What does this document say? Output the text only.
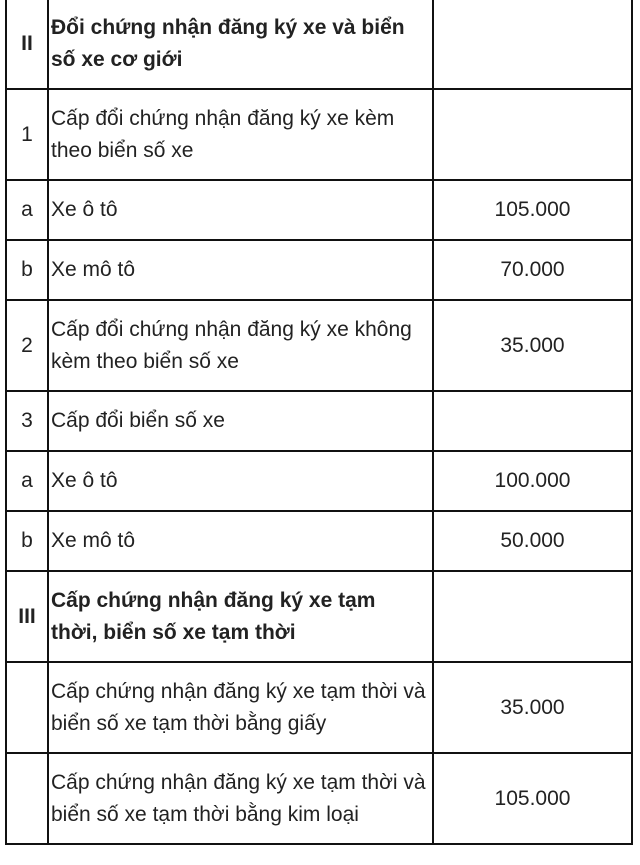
II	Đổi chứng nhận đăng ký xe và biển số xe cơ giới	
1	Cấp đổi chứng nhận đăng ký xe kèm theo biển số xe	
a	Xe ô tô	105.000
b	Xe mô tô	70.000
2	Cấp đổi chứng nhận đăng ký xe không kèm theo biển số xe	35.000
3	Cấp đổi biển số xe	
a	Xe ô tô	100.000
b	Xe mô tô	50.000
III	Cấp chứng nhận đăng ký xe tạm thời, biển số xe tạm thời	
	Cấp chứng nhận đăng ký xe tạm thời và biển số xe tạm thời bằng giấy	35.000
	Cấp chứng nhận đăng ký xe tạm thời và biển số xe tạm thời bằng kim loại	105.000
